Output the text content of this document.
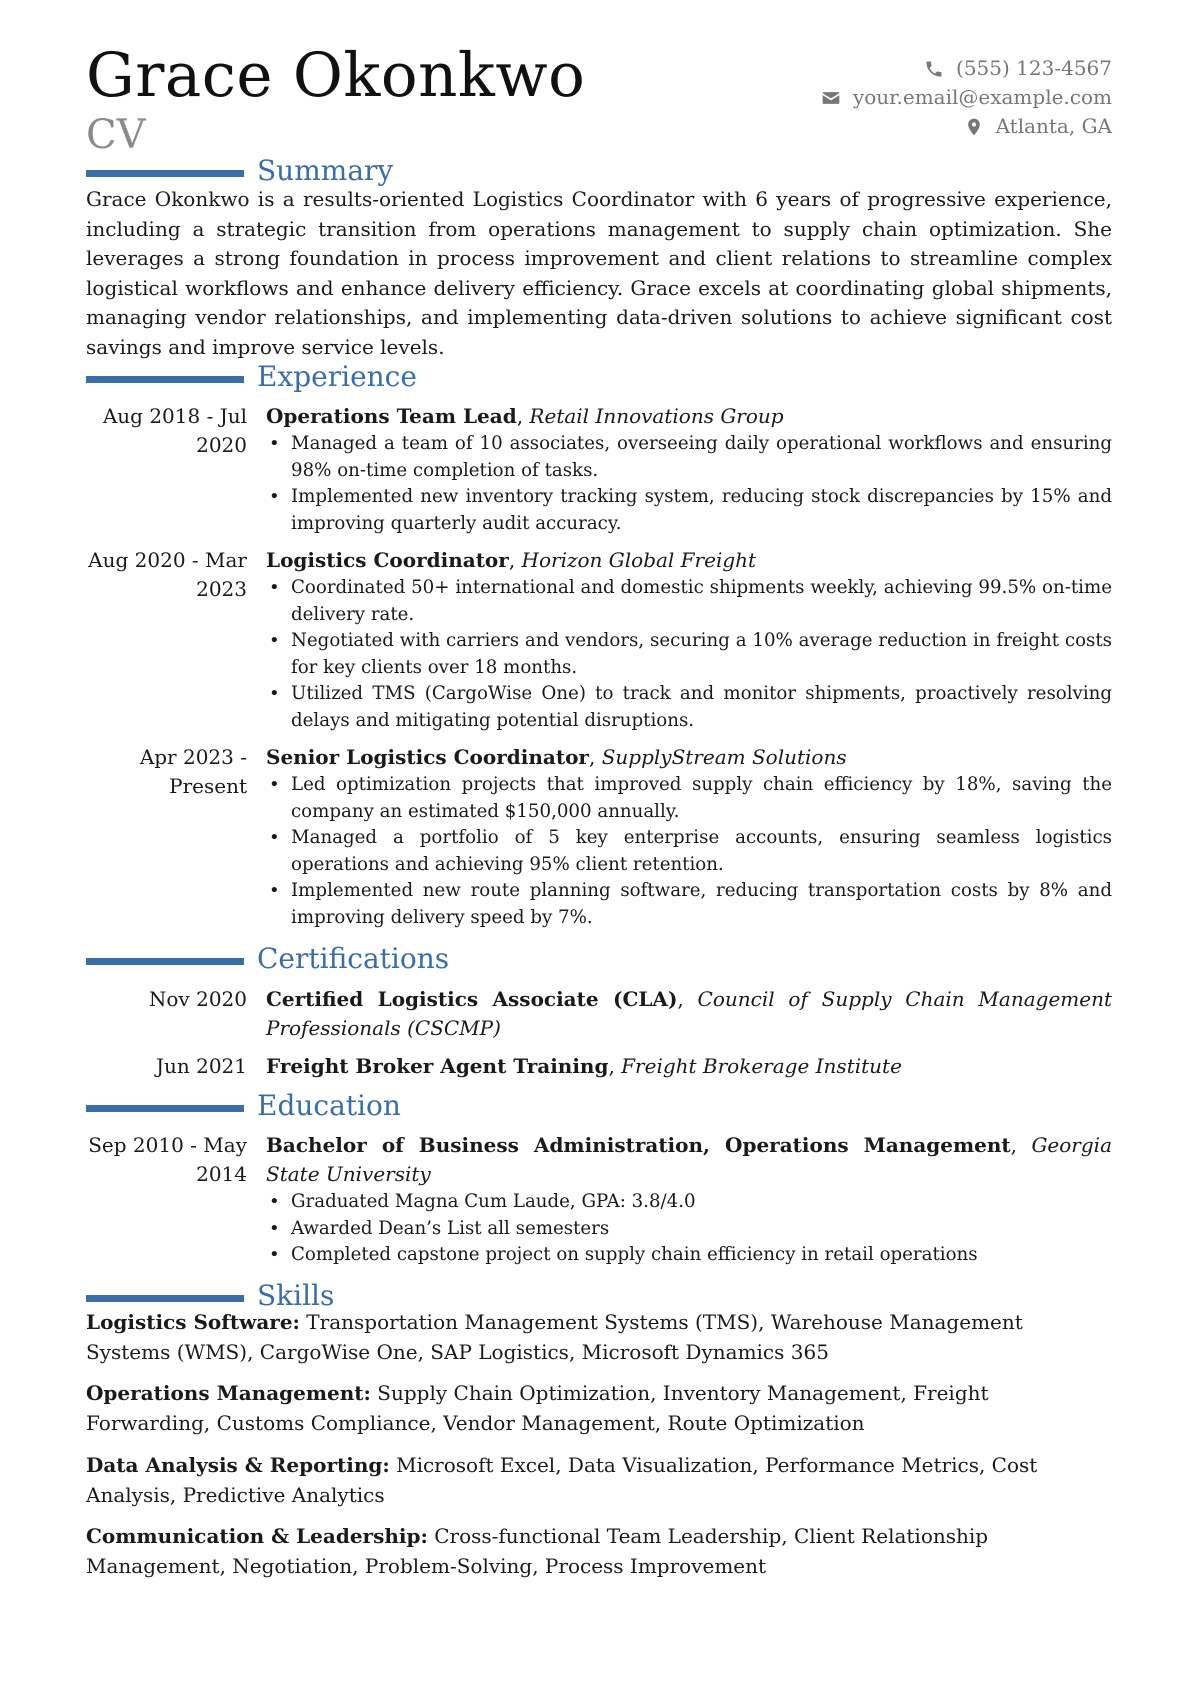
Grace Okonkwo
CV
(555) 123-4567
your.email@example.com
Atlanta, GA
Summary
Grace Okonkwo is a results-oriented Logistics Coordinator with 6 years of progressive experience, including a strategic transition from operations management to supply chain optimization. She leverages a strong foundation in process improvement and client relations to streamline complex logistical workflows and enhance delivery efficiency. Grace excels at coordinating global shipments, managing vendor relationships, and implementing data-driven solutions to achieve significant cost savings and improve service levels.
Experience
Aug 2018 - Jul 2020
Operations Team Lead, Retail Innovations Group
• Managed a team of 10 associates, overseeing daily operational workflows and ensuring 98% on-time completion of tasks.
• Implemented new inventory tracking system, reducing stock discrepancies by 15% and improving quarterly audit accuracy.
Aug 2020 - Mar 2023
Logistics Coordinator, Horizon Global Freight
• Coordinated 50+ international and domestic shipments weekly, achieving 99.5% on-time delivery rate.
• Negotiated with carriers and vendors, securing a 10% average reduction in freight costs for key clients over 18 months.
• Utilized TMS (CargoWise One) to track and monitor shipments, proactively resolving delays and mitigating potential disruptions.
Apr 2023 - Present
Senior Logistics Coordinator, SupplyStream Solutions
• Led optimization projects that improved supply chain efficiency by 18%, saving the company an estimated $150,000 annually.
• Managed a portfolio of 5 key enterprise accounts, ensuring seamless logistics operations and achieving 95% client retention.
• Implemented new route planning software, reducing transportation costs by 8% and improving delivery speed by 7%.
Certifications
Nov 2020 Certified Logistics Associate (CLA), Council of Supply Chain Management Professionals (CSCMP)
Jun 2021 Freight Broker Agent Training, Freight Brokerage Institute
Education
Sep 2010 - May 2014
Bachelor of Business Administration, Operations Management, Georgia State University
• Graduated Magna Cum Laude, GPA: 3.8/4.0
• Awarded Dean’s List all semesters
• Completed capstone project on supply chain efficiency in retail operations
Skills
Logistics Software: Transportation Management Systems (TMS), Warehouse Management Systems (WMS), CargoWise One, SAP Logistics, Microsoft Dynamics 365
Operations Management: Supply Chain Optimization, Inventory Management, Freight Forwarding, Customs Compliance, Vendor Management, Route Optimization
Data Analysis & Reporting: Microsoft Excel, Data Visualization, Performance Metrics, Cost Analysis, Predictive Analytics
Communication & Leadership: Cross-functional Team Leadership, Client Relationship Management, Negotiation, Problem-Solving, Process Improvement
